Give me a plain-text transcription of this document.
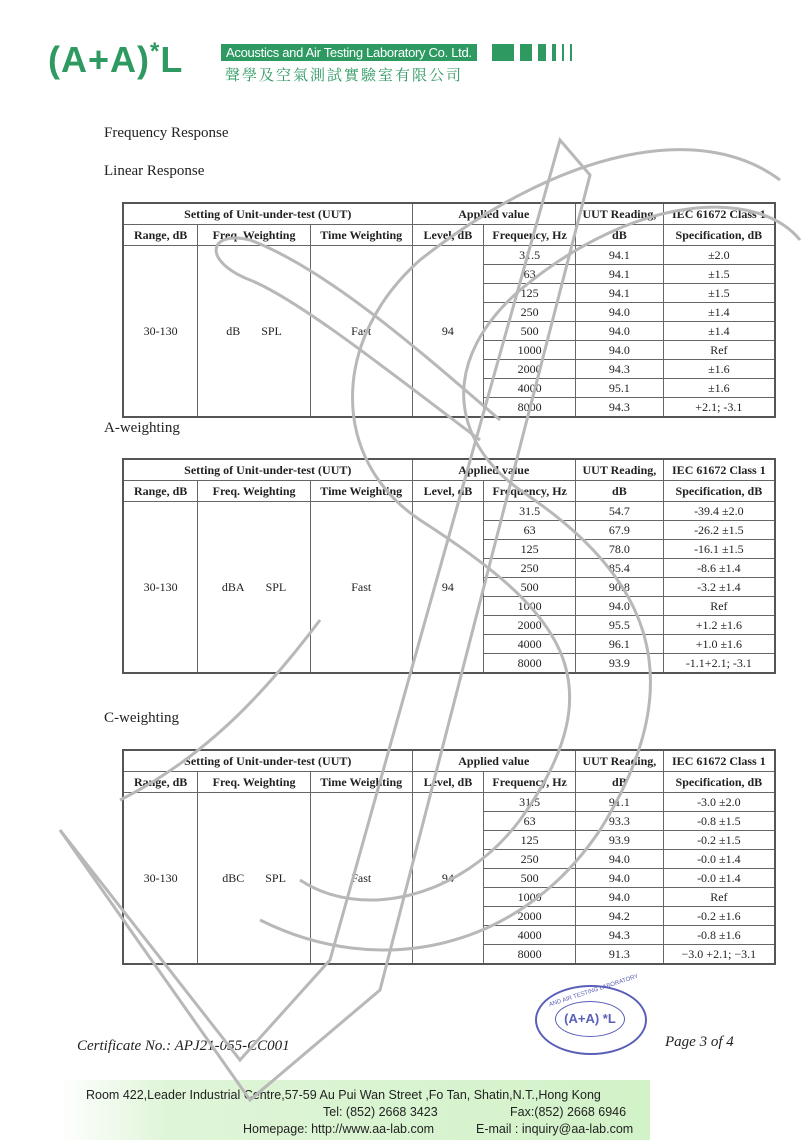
(A+A)*L	Acoustics and Air Testing Laboratory Co. Ltd.
聲學及空氣測試實驗室有限公司
Frequency Response
Linear Response
A-weighting
C-weighting
Setting of Unit-under-test (UUT)			Applied value		UUT Reading,	IEC 61672 Class 1
Range, dB	Freq. Weighting	Time Weighting	Level, dB	Frequency, Hz	dB	Specification, dB
30-130	dB SPL	Fast	94	31.5	94.1	±2.0
				63	94.1	±1.5
				125	94.1	±1.5
				250	94.0	±1.4
				500	94.0	±1.4
				1000	94.0	Ref
				2000	94.3	±1.6
				4000	95.1	±1.6
				8000	94.3	+2.1; -3.1
Setting of Unit-under-test (UUT)			Applied value		UUT Reading,	IEC 61672 Class 1
Range, dB	Freq. Weighting	Time Weighting	Level, dB	Frequency, Hz	dB	Specification, dB
30-130	dBA SPL	Fast	94	31.5	54.7	-39.4 ±2.0
				63	67.9	-26.2 ±1.5
				125	78.0	-16.1 ±1.5
				250	85.4	-8.6 ±1.4
				500	90.8	-3.2 ±1.4
				1000	94.0	Ref
				2000	95.5	+1.2 ±1.6
				4000	96.1	+1.0 ±1.6
				8000	93.9	-1.1+2.1; -3.1
Setting of Unit-under-test (UUT)			Applied value		UUT Reading,	IEC 61672 Class 1
Range, dB	Freq. Weighting	Time Weighting	Level, dB	Frequency, Hz	dB	Specification, dB
30-130	dBC SPL	Fast	94	31.5	91.1	-3.0 ±2.0
				63	93.3	-0.8 ±1.5
				125	93.9	-0.2 ±1.5
				250	94.0	-0.0 ±1.4
				500	94.0	-0.0 ±1.4
				1000	94.0	Ref
				2000	94.2	-0.2 ±1.6
				4000	94.3	-0.8 ±1.6
				8000	91.3	−3.0 +2.1; −3.1
Certificate No.: APJ21-055-CC001	Page 3 of 4
AND AIR TESTING LABORATORY
(A+A) *L
Room 422,Leader Industrial Centre,57-59 Au Pui Wan Street ,Fo Tan, Shatin,N.T.,Hong Kong
Tel: (852) 2668 3423	Fax:(852) 2668 6946
Homepage: http://www.aa-lab.com	E-mail : inquiry@aa-lab.com
